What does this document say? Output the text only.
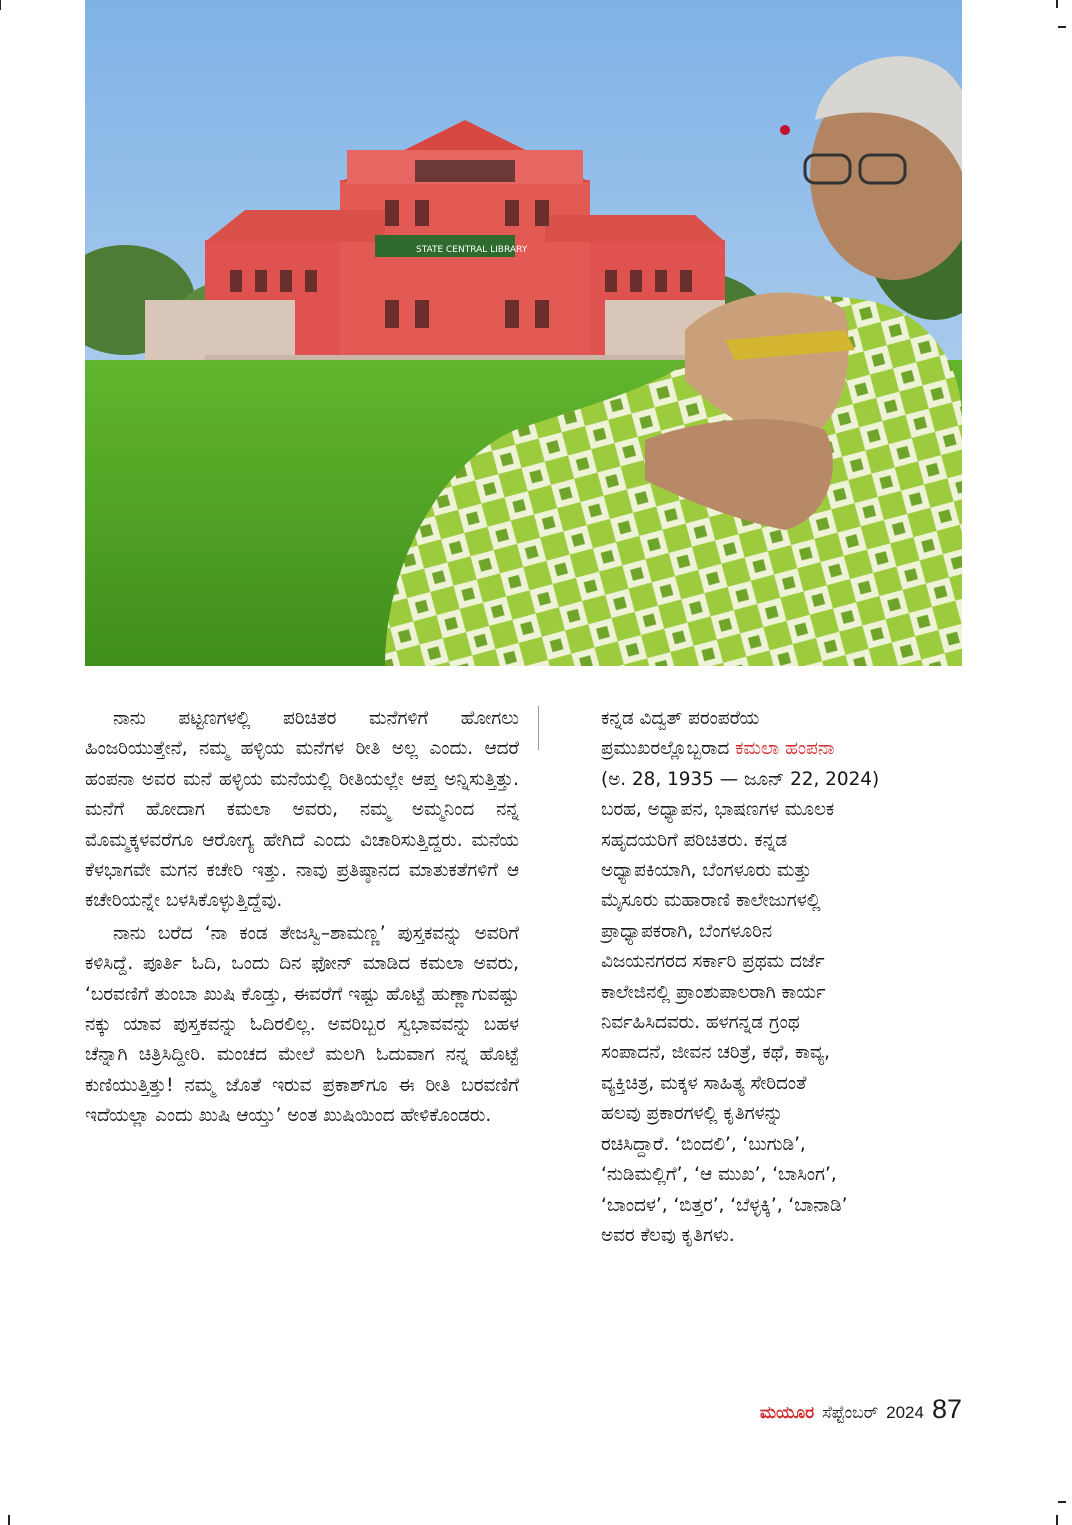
STATE CENTRAL LIBRARY

ನಾನು ಪಟ್ಟಣಗಳಲ್ಲಿ ಪರಿಚಿತರ ಮನೆಗಳಿಗೆ ಹೋಗಲು ಹಿಂಜರಿಯುತ್ತೇನೆ, ನಮ್ಮ ಹಳ್ಳಿಯ ಮನೆಗಳ ರೀತಿ ಅಲ್ಲ ಎಂದು. ಆದರೆ ಹಂಪನಾ ಅವರ ಮನೆ ಹಳ್ಳಿಯ ಮನೆಯಲ್ಲಿ ರೀತಿಯಲ್ಲೇ ಆಪ್ತ ಅನ್ನಿಸುತ್ತಿತ್ತು. ಮನೆಗೆ ಹೋದಾಗ ಕಮಲಾ ಅವರು, ನಮ್ಮ ಅಮ್ಮನಿಂದ ನನ್ನ ಮೊಮ್ಮಕ್ಕಳವರೆಗೂ ಆರೋಗ್ಯ ಹೇಗಿದೆ ಎಂದು ವಿಚಾರಿಸುತ್ತಿದ್ದರು. ಮನೆಯ ಕೆಳಭಾಗವೇ ಮಗನ ಕಚೇರಿ ಇತ್ತು. ನಾವು ಪ್ರತಿಷ್ಠಾನದ ಮಾತುಕತೆಗಳಿಗೆ ಆ ಕಚೇರಿಯನ್ನೇ ಬಳಸಿಕೊಳ್ಳುತ್ತಿದ್ದೆವು.

ನಾನು ಬರೆದ ‘ನಾ ಕಂಡ ತೇಜಸ್ವಿ–ಶಾಮಣ್ಣ’ ಪುಸ್ತಕವನ್ನು ಅವರಿಗೆ ಕಳಿಸಿದ್ದೆ. ಪೂರ್ತಿ ಓದಿ, ಒಂದು ದಿನ ಫೋನ್ ಮಾಡಿದ ಕಮಲಾ ಅವರು, ‘ಬರವಣಿಗೆ ತುಂಬಾ ಖುಷಿ ಕೊಡ್ತು, ಈವರೆಗೆ ಇಷ್ಟು ಹೊಟ್ಟೆ ಹುಣ್ಣಾಗುವಷ್ಟು ನಕ್ಕು ಯಾವ ಪುಸ್ತಕವನ್ನು ಓದಿರಲಿಲ್ಲ. ಅವರಿಬ್ಬರ ಸ್ವಭಾವವನ್ನು ಬಹಳ ಚೆನ್ನಾಗಿ ಚಿತ್ರಿಸಿದ್ದೀರಿ. ಮಂಚದ ಮೇಲೆ ಮಲಗಿ ಓದುವಾಗ ನನ್ನ ಹೊಟ್ಟೆ ಕುಣಿಯುತ್ತಿತ್ತು! ನಮ್ಮ ಜೊತೆ ಇರುವ ಪ್ರಕಾಶ್‌ಗೂ ಈ ರೀತಿ ಬರವಣಿಗೆ ಇದೆಯಲ್ಲಾ ಎಂದು ಖುಷಿ ಆಯ್ತು’ ಅಂತ ಖುಷಿಯಿಂದ ಹೇಳಿಕೊಂಡರು.

ಕನ್ನಡ ವಿದ್ವತ್ ಪರಂಪರೆಯ
ಪ್ರಮುಖರಲ್ಲೊಬ್ಬರಾದ ಕಮಲಾ ಹಂಪನಾ
(ಅ. 28, 1935 — ಜೂನ್ 22, 2024)
ಬರಹ, ಅಧ್ಯಾಪನ, ಭಾಷಣಗಳ ಮೂಲಕ
ಸಹೃದಯರಿಗೆ ಪರಿಚಿತರು. ಕನ್ನಡ
ಅಧ್ಯಾಪಕಿಯಾಗಿ, ಬೆಂಗಳೂರು ಮತ್ತು
ಮೈಸೂರು ಮಹಾರಾಣಿ ಕಾಲೇಜುಗಳಲ್ಲಿ
ಪ್ರಾಧ್ಯಾಪಕರಾಗಿ, ಬೆಂಗಳೂರಿನ
ವಿಜಯನಗರದ ಸರ್ಕಾರಿ ಪ್ರಥಮ ದರ್ಜೆ
ಕಾಲೇಜಿನಲ್ಲಿ ಪ್ರಾಂಶುಪಾಲರಾಗಿ ಕಾರ್ಯ
ನಿರ್ವಹಿಸಿದವರು. ಹಳಗನ್ನಡ ಗ್ರಂಥ
ಸಂಪಾದನೆ, ಜೀವನ ಚರಿತ್ರೆ, ಕಥೆ, ಕಾವ್ಯ,
ವ್ಯಕ್ತಿಚಿತ್ರ, ಮಕ್ಕಳ ಸಾಹಿತ್ಯ ಸೇರಿದಂತೆ
ಹಲವು ಪ್ರಕಾರಗಳಲ್ಲಿ ಕೃತಿಗಳನ್ನು
ರಚಿಸಿದ್ದಾರೆ. ‘ಬಿಂದಲಿ’, ‘ಬುಗುಡಿ’,
‘ನುಡಿಮಲ್ಲಿಗೆ’, ‘ಆ ಮುಖ’, ‘ಬಾಸಿಂಗ’,
‘ಬಾಂದಳ’, ‘ಬಿತ್ತರ’, ‘ಬೆಳ್ಳಕ್ಕಿ’, ‘ಬಾನಾಡಿ’
ಅವರ ಕೆಲವು ಕೃತಿಗಳು.
ಮಯೂರ ಸೆಪ್ಟೆಂಬರ್ 2024 87
